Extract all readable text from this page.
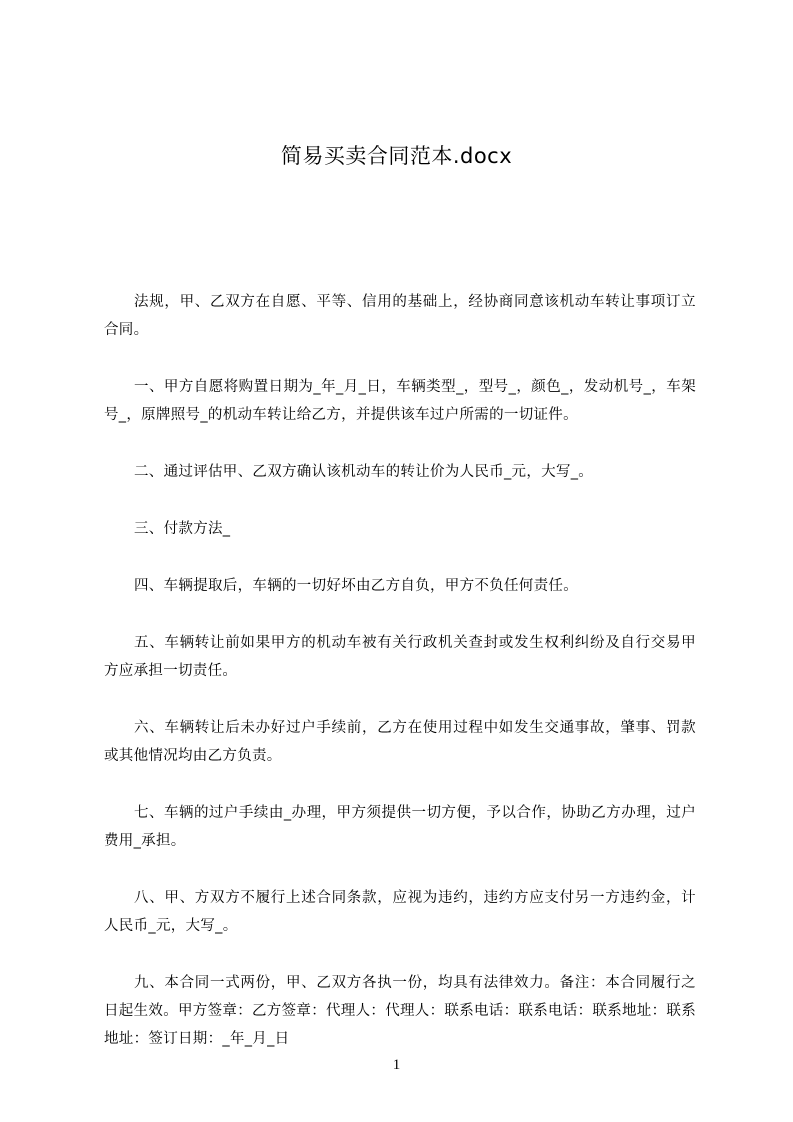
简易买卖合同范本.docx

法规，甲、乙双方在自愿、平等、信用的基础上，经协商同意该机动车转让事项订立合同。

一、甲方自愿将购置日期为_年_月_日，车辆类型_，型号_，颜色_，发动机号_，车架号_，原牌照号_的机动车转让给乙方，并提供该车过户所需的一切证件。

二、通过评估甲、乙双方确认该机动车的转让价为人民币_元，大写_。

三、付款方法_

四、车辆提取后，车辆的一切好坏由乙方自负，甲方不负任何责任。

五、车辆转让前如果甲方的机动车被有关行政机关查封或发生权利纠纷及自行交易甲方应承担一切责任。

六、车辆转让后未办好过户手续前，乙方在使用过程中如发生交通事故，肇事、罚款或其他情况均由乙方负责。

七、车辆的过户手续由_办理，甲方须提供一切方便，予以合作，协助乙方办理，过户费用_承担。

八、甲、方双方不履行上述合同条款，应视为违约，违约方应支付另一方违约金，计人民币_元，大写_。

九、本合同一式两份，甲、乙双方各执一份，均具有法律效力。备注：本合同履行之日起生效。甲方签章：乙方签章：代理人：代理人：联系电话：联系电话：联系地址：联系地址：签订日期：_年_月_日

1
